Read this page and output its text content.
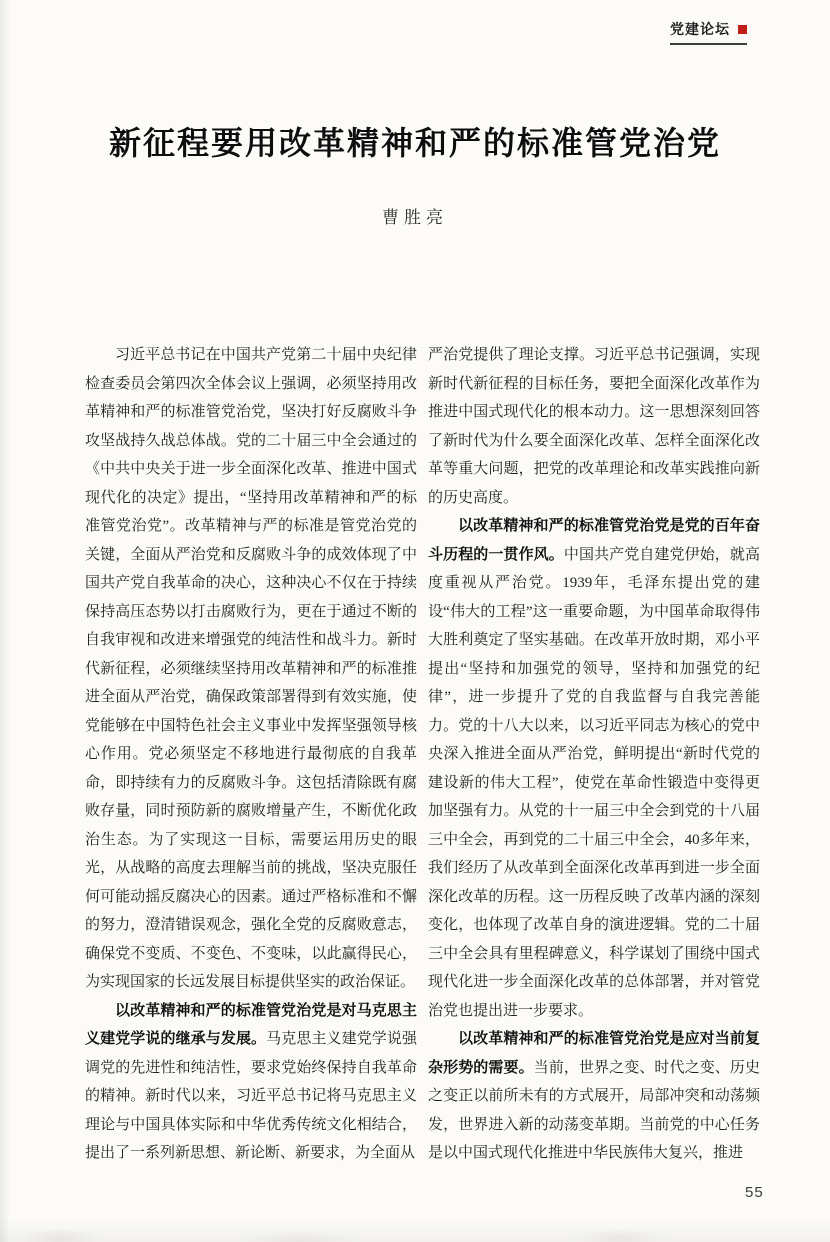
党建论坛
新征程要用改革精神和严的标准管党治党
曹胜亮

习近平总书记在中国共产党第二十届中央纪律检查委员会第四次全体会议上强调，必须坚持用改革精神和严的标准管党治党，坚决打好反腐败斗争攻坚战持久战总体战。党的二十届三中全会通过的《中共中央关于进一步全面深化改革、推进中国式现代化的决定》提出，“坚持用改革精神和严的标准管党治党”。改革精神与严的标准是管党治党的关键，全面从严治党和反腐败斗争的成效体现了中国共产党自我革命的决心，这种决心不仅在于持续保持高压态势以打击腐败行为，更在于通过不断的自我审视和改进来增强党的纯洁性和战斗力。新时代新征程，必须继续坚持用改革精神和严的标准推进全面从严治党，确保政策部署得到有效实施，使党能够在中国特色社会主义事业中发挥坚强领导核心作用。党必须坚定不移地进行最彻底的自我革命，即持续有力的反腐败斗争。这包括清除既有腐败存量，同时预防新的腐败增量产生，不断优化政治生态。为了实现这一目标，需要运用历史的眼光，从战略的高度去理解当前的挑战，坚决克服任何可能动摇反腐决心的因素。通过严格标准和不懈的努力，澄清错误观念，强化全党的反腐败意志，确保党不变质、不变色、不变味，以此赢得民心，为实现国家的长远发展目标提供坚实的政治保证。

以改革精神和严的标准管党治党是对马克思主义建党学说的继承与发展。马克思主义建党学说强调党的先进性和纯洁性，要求党始终保持自我革命的精神。新时代以来，习近平总书记将马克思主义理论与中国具体实际和中华优秀传统文化相结合，提出了一系列新思想、新论断、新要求，为全面从

严治党提供了理论支撑。习近平总书记强调，实现新时代新征程的目标任务，要把全面深化改革作为推进中国式现代化的根本动力。这一思想深刻回答了新时代为什么要全面深化改革、怎样全面深化改革等重大问题，把党的改革理论和改革实践推向新的历史高度。

以改革精神和严的标准管党治党是党的百年奋斗历程的一贯作风。中国共产党自建党伊始，就高度重视从严治党。1939年，毛泽东提出党的建设“伟大的工程”这一重要命题，为中国革命取得伟大胜利奠定了坚实基础。在改革开放时期，邓小平提出“坚持和加强党的领导，坚持和加强党的纪律”，进一步提升了党的自我监督与自我完善能力。党的十八大以来，以习近平同志为核心的党中央深入推进全面从严治党，鲜明提出“新时代党的建设新的伟大工程”，使党在革命性锻造中变得更加坚强有力。从党的十一届三中全会到党的十八届三中全会，再到党的二十届三中全会，40多年来，我们经历了从改革到全面深化改革再到进一步全面深化改革的历程。这一历程反映了改革内涵的深刻变化，也体现了改革自身的演进逻辑。党的二十届三中全会具有里程碑意义，科学谋划了围绕中国式现代化进一步全面深化改革的总体部署，并对管党治党也提出进一步要求。

以改革精神和严的标准管党治党是应对当前复杂形势的需要。当前，世界之变、时代之变、历史之变正以前所未有的方式展开，局部冲突和动荡频发，世界进入新的动荡变革期。当前党的中心任务是以中国式现代化推进中华民族伟大复兴，推进

55
